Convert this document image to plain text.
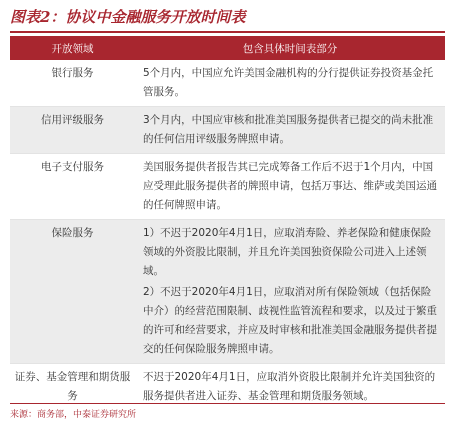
图表2：协议中金融服务开放时间表
开放领域	包含具体时间表部分
银行服务	5个月内，中国应允许美国金融机构的分行提供证券投资基金托管服务。

信用评级服务	3个月内，中国应审核和批准美国服务提供者已提交的尚未批准的任何信用评级服务牌照申请。

电子支付服务	美国服务提供者报告其已完成筹备工作后不迟于1个月内，中国应受理此服务提供者的牌照申请，包括万事达、维萨或美国运通的任何牌照申请。

保险服务	1）不迟于2020年4月1日，应取消寿险、养老保险和健康保险领域的外资股比限制，并且允许美国独资保险公司进入上述领域。

2）不迟于2020年4月1日，应取消对所有保险领域（包括保险中介）的经营范围限制、歧视性监管流程和要求，以及过于繁重的许可和经营要求，并应及时审核和批准美国金融服务提供者提交的任何保险服务牌照申请。

证券、基金管理和期货服务	不迟于2020年4月1日，应取消外资股比限制并允许美国独资的服务提供者进入证券、基金管理和期货服务领域。

来源：商务部，中泰证券研究所
